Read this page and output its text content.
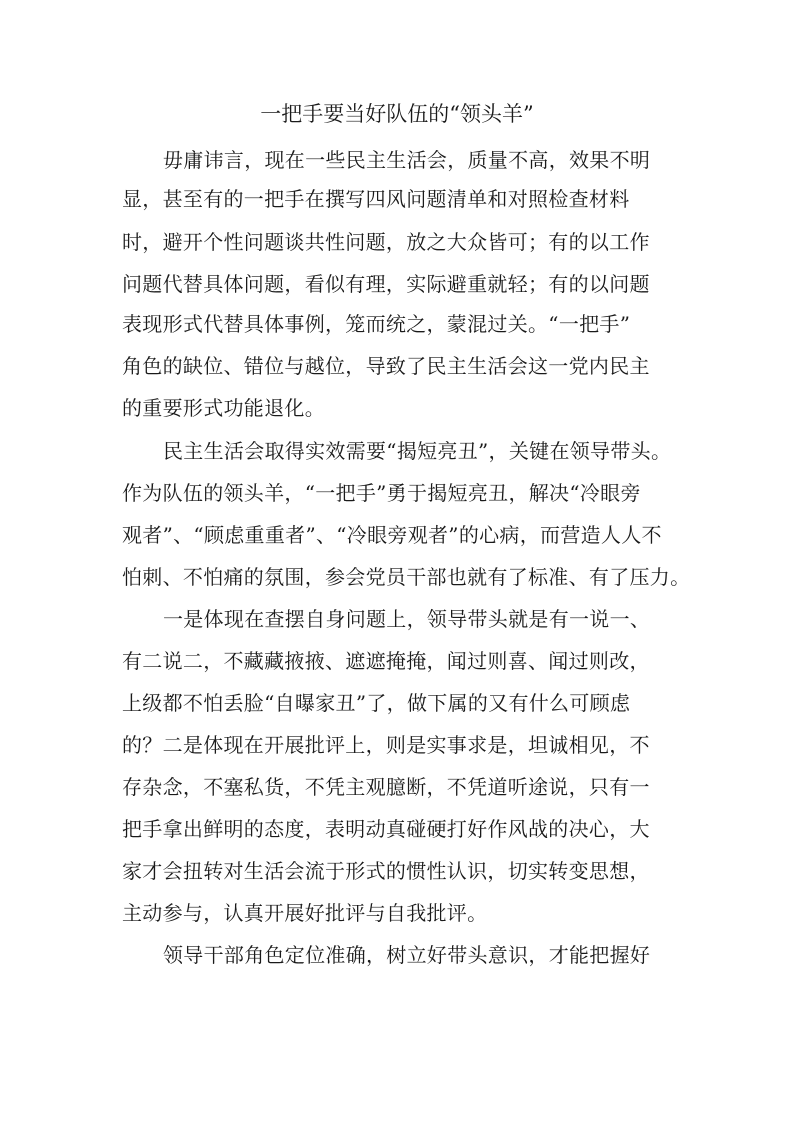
一把手要当好队伍的“领头羊”
毋庸讳言，现在一些民主生活会，质量不高，效果不明
显，甚至有的一把手在撰写四风问题清单和对照检查材料
时，避开个性问题谈共性问题，放之大众皆可；有的以工作
问题代替具体问题，看似有理，实际避重就轻；有的以问题
表现形式代替具体事例，笼而统之，蒙混过关。“一把手”
角色的缺位、错位与越位，导致了民主生活会这一党内民主
的重要形式功能退化。
民主生活会取得实效需要“揭短亮丑”，关键在领导带头。
作为队伍的领头羊，“一把手”勇于揭短亮丑，解决“冷眼旁
观者”、“顾虑重重者”、“冷眼旁观者”的心病，而营造人人不
怕刺、不怕痛的氛围，参会党员干部也就有了标准、有了压力。
一是体现在查摆自身问题上，领导带头就是有一说一、
有二说二，不藏藏掖掖、遮遮掩掩，闻过则喜、闻过则改，
上级都不怕丢脸“自曝家丑”了，做下属的又有什么可顾虑
的？二是体现在开展批评上，则是实事求是，坦诚相见，不
存杂念，不塞私货，不凭主观臆断，不凭道听途说，只有一
把手拿出鲜明的态度，表明动真碰硬打好作风战的决心，大
家才会扭转对生活会流于形式的惯性认识，切实转变思想，
主动参与，认真开展好批评与自我批评。
领导干部角色定位准确，树立好带头意识，才能把握好
